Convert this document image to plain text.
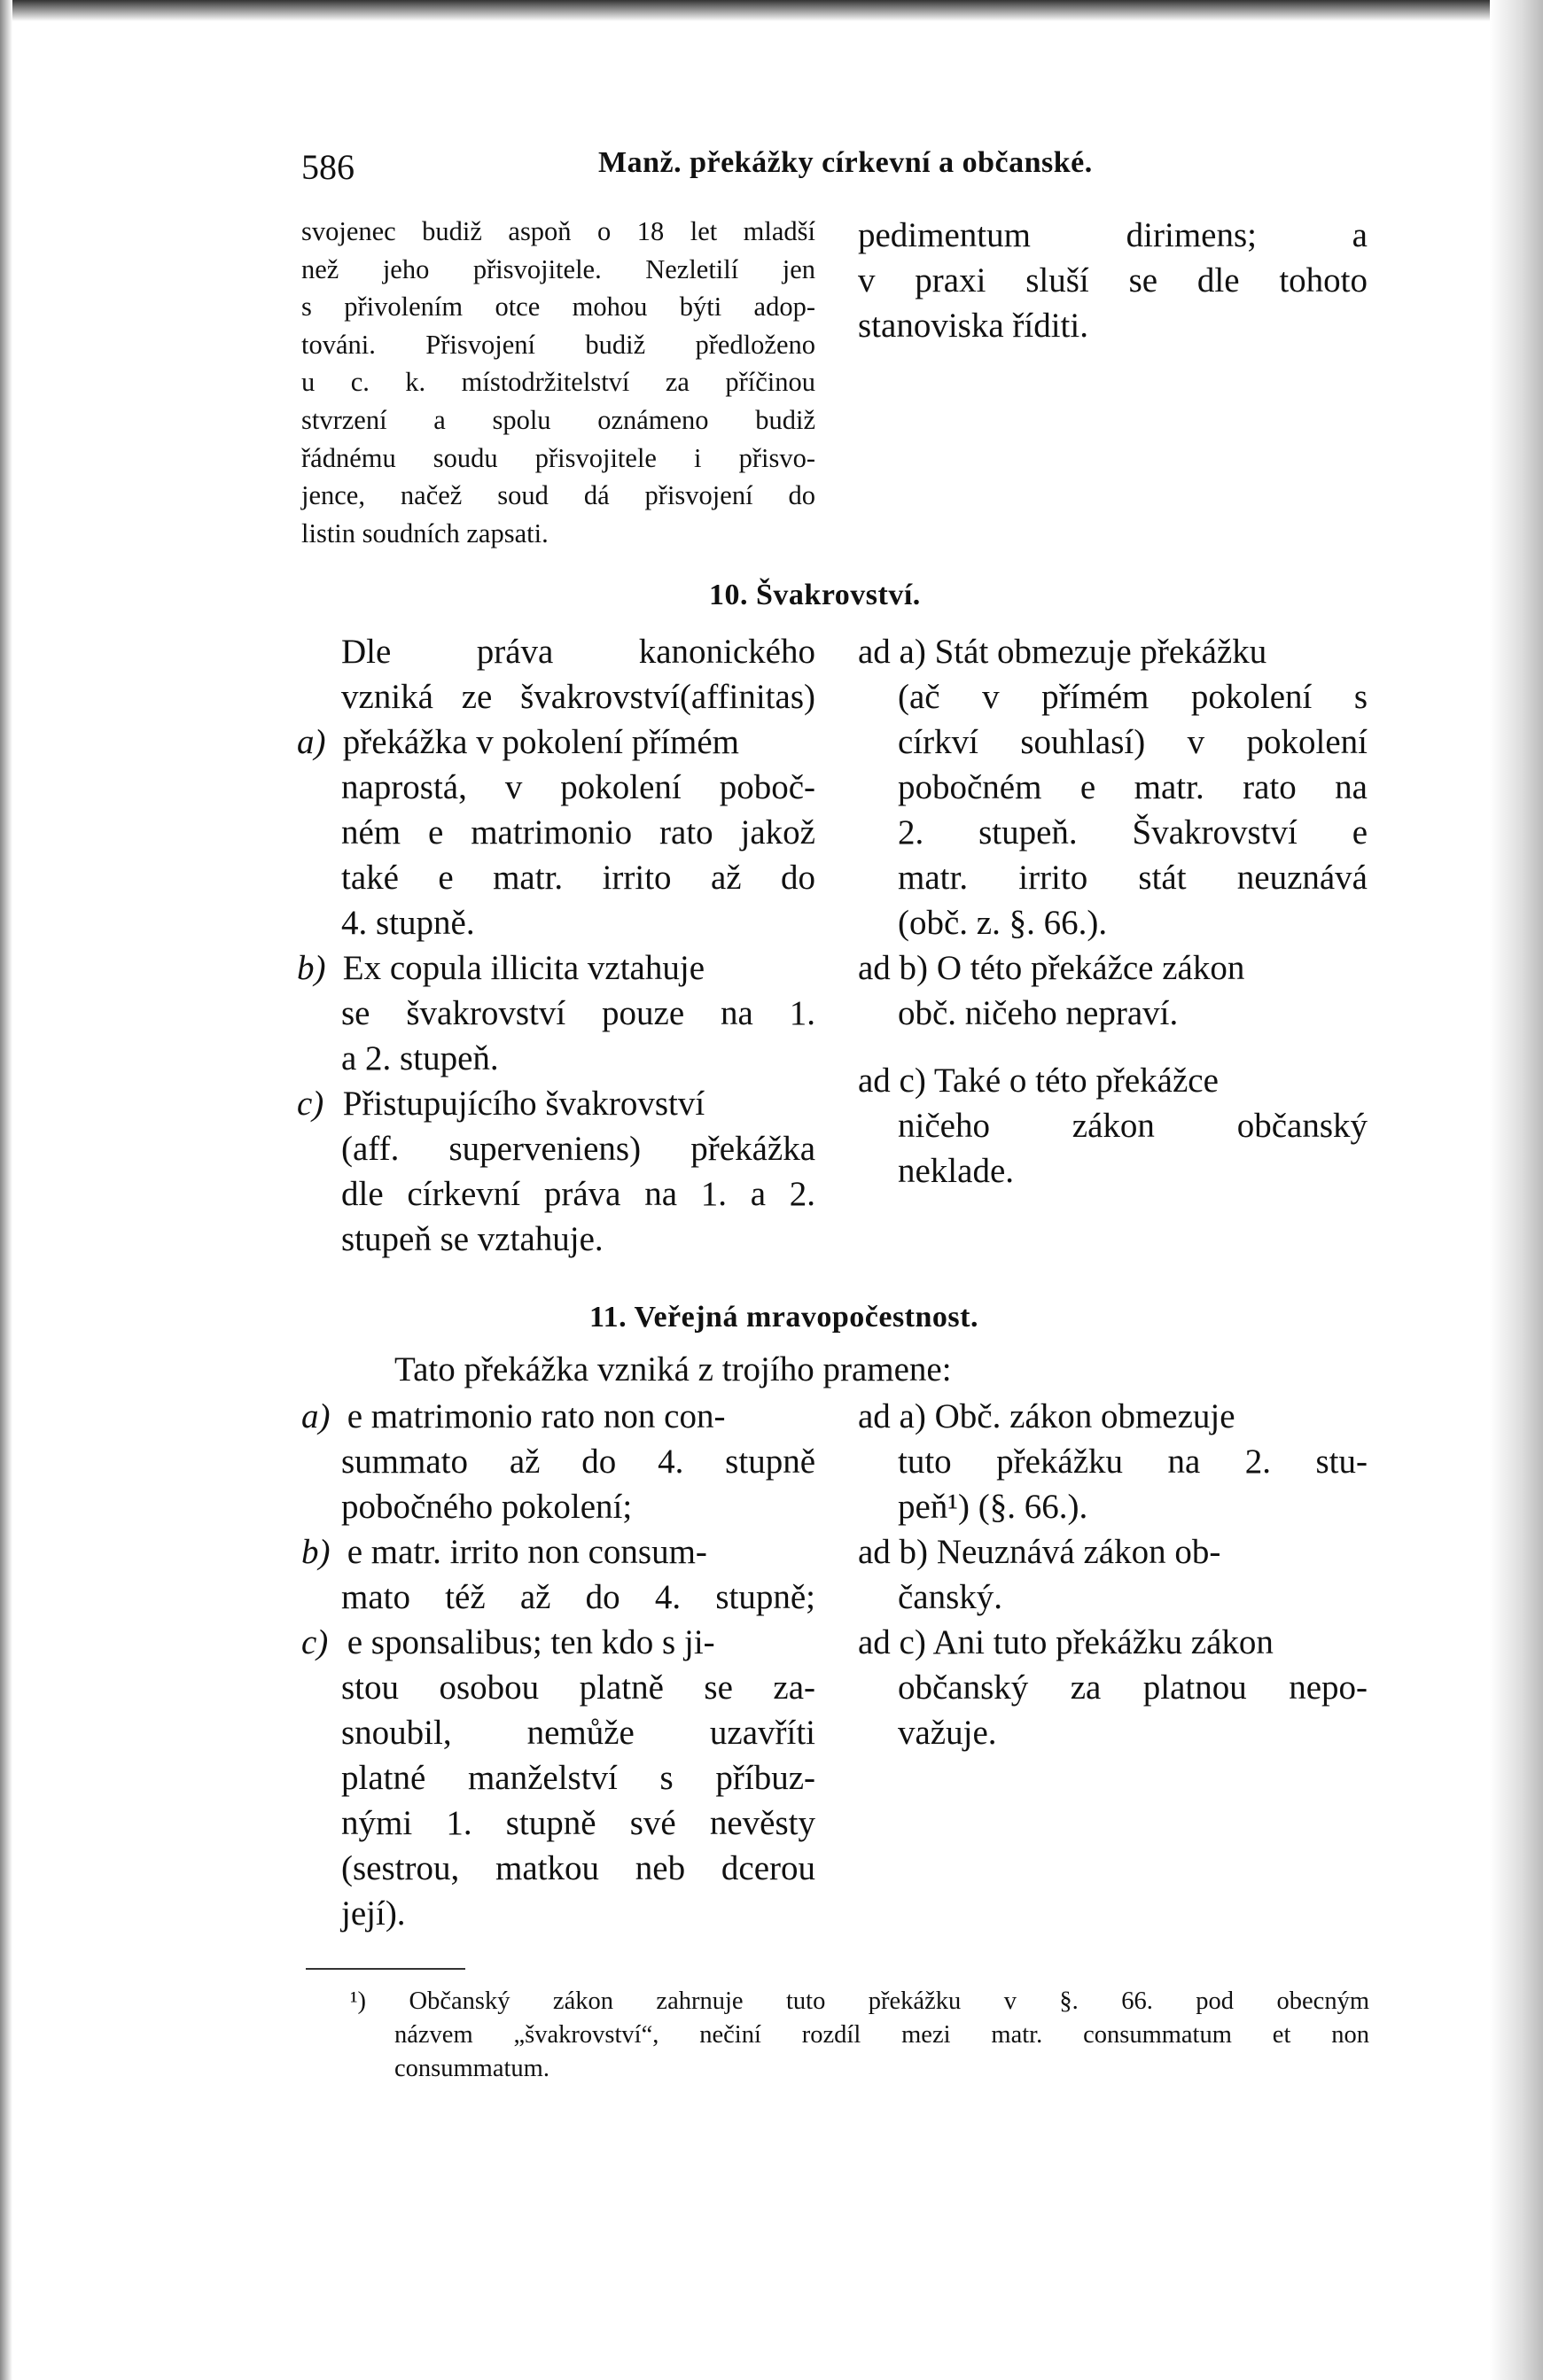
586	Manž. překážky církevní a občanské.
svojenec budiž aspoň o 18 let mladší
než jeho přisvojitele. Nezletilí jen
s přivolením otce mohou býti adop-
továni. Přisvojení budiž předloženo
u c. k. místodržitelství za příčinou
stvrzení a spolu oznámeno budiž
řádnému soudu přisvojitele i přisvo-
jence, načež soud dá přisvojení do
listin soudních zapsati.
pedimentum dirimens; a
v praxi sluší se dle tohoto
stanoviska říditi.
10. Švakrovství.
Dle práva kanonického
vzniká ze švakrovství(affinitas)
a) překážka v pokolení přímém
naprostá, v pokolení poboč-
ném e matrimonio rato jakož
také e matr. irrito až do
4. stupně.
b) Ex copula illicita vztahuje
se švakrovství pouze na 1.
a 2. stupeň.
c) Přistupujícího švakrovství
(aff. superveniens) překážka
dle církevní práva na 1. a 2.
stupeň se vztahuje.
ad a) Stát obmezuje překážku
(ač v přímém pokolení s
církví souhlasí) v pokolení
pobočném e matr. rato na
2. stupeň. Švakrovství e
matr. irrito stát neuznává
(obč. z. §. 66.).
ad b) O této překážce zákon
obč. ničeho nepraví.
ad c) Také o této překážce
ničeho zákon občanský
neklade.
11. Veřejná mravopočestnost.
Tato překážka vzniká z trojího pramene:
a) e matrimonio rato non con-
summato až do 4. stupně
pobočného pokolení;
b) e matr. irrito non consum-
mato též až do 4. stupně;
c) e sponsalibus; ten kdo s ji-
stou osobou platně se za-
snoubil, nemůže uzavříti
platné manželství s příbuz-
nými 1. stupně své nevěsty
(sestrou, matkou neb dcerou
její).
ad a) Obč. zákon obmezuje
tuto překážku na 2. stu-
peň¹) (§. 66.).
ad b) Neuznává zákon ob-
čanský.
ad c) Ani tuto překážku zákon
občanský za platnou nepo-
važuje.
¹) Občanský zákon zahrnuje tuto překážku v §. 66. pod obecným
názvem „švakrovství“, nečiní rozdíl mezi matr. consummatum et non
consummatum.
